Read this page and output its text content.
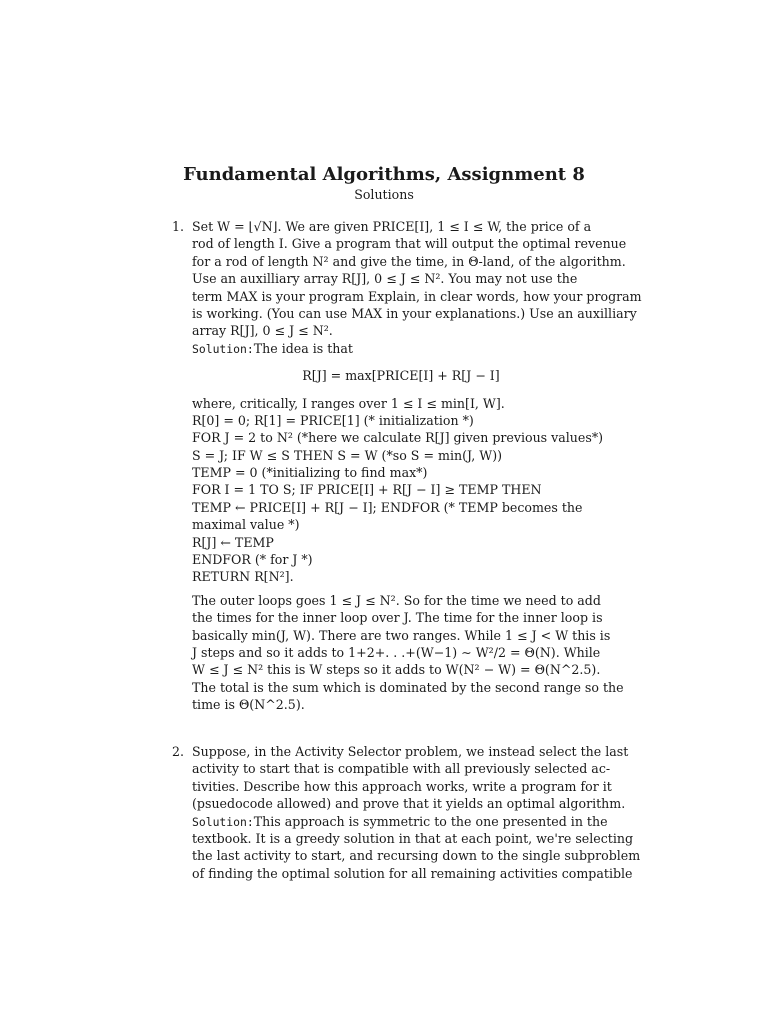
Fundamental Algorithms, Assignment 8
Solutions
1. Set W = ⌊√N⌋. We are given PRICE[I], 1 ≤ I ≤ W, the price of a
rod of length I. Give a program that will output the optimal revenue
for a rod of length N² and give the time, in Θ-land, of the algorithm.
Use an auxilliary array R[J], 0 ≤ J ≤ N². You may not use the
term MAX is your program Explain, in clear words, how your program
is working. (You can use MAX in your explanations.) Use an auxilliary
array R[J], 0 ≤ J ≤ N².
Solution:The idea is that
R[J] = max[PRICE[I] + R[J − I]
where, critically, I ranges over 1 ≤ I ≤ min[I, W].
R[0] = 0; R[1] = PRICE[1] (* initialization *)
FOR J = 2 to N² (*here we calculate R[J] given previous values*)
S = J; IF W ≤ S THEN S = W (*so S = min(J, W))
TEMP = 0 (*initializing to find max*)
FOR I = 1 TO S; IF PRICE[I] + R[J − I] ≥ TEMP THEN
TEMP ← PRICE[I] + R[J − I]; ENDFOR (* TEMP becomes the
maximal value *)
R[J] ← TEMP
ENDFOR (* for J *)
RETURN R[N²].
The outer loops goes 1 ≤ J ≤ N². So for the time we need to add
the times for the inner loop over J. The time for the inner loop is
basically min(J, W). There are two ranges. While 1 ≤ J < W this is
J steps and so it adds to 1+2+. . .+(W−1) ∼ W²/2 = Θ(N). While
W ≤ J ≤ N² this is W steps so it adds to W(N² − W) = Θ(N^2.5).
The total is the sum which is dominated by the second range so the
time is Θ(N^2.5).
2. Suppose, in the Activity Selector problem, we instead select the last
activity to start that is compatible with all previously selected ac-
tivities. Describe how this approach works, write a program for it
(psuedocode allowed) and prove that it yields an optimal algorithm.
Solution:This approach is symmetric to the one presented in the
textbook. It is a greedy solution in that at each point, we're selecting
the last activity to start, and recursing down to the single subproblem
of finding the optimal solution for all remaining activities compatible
